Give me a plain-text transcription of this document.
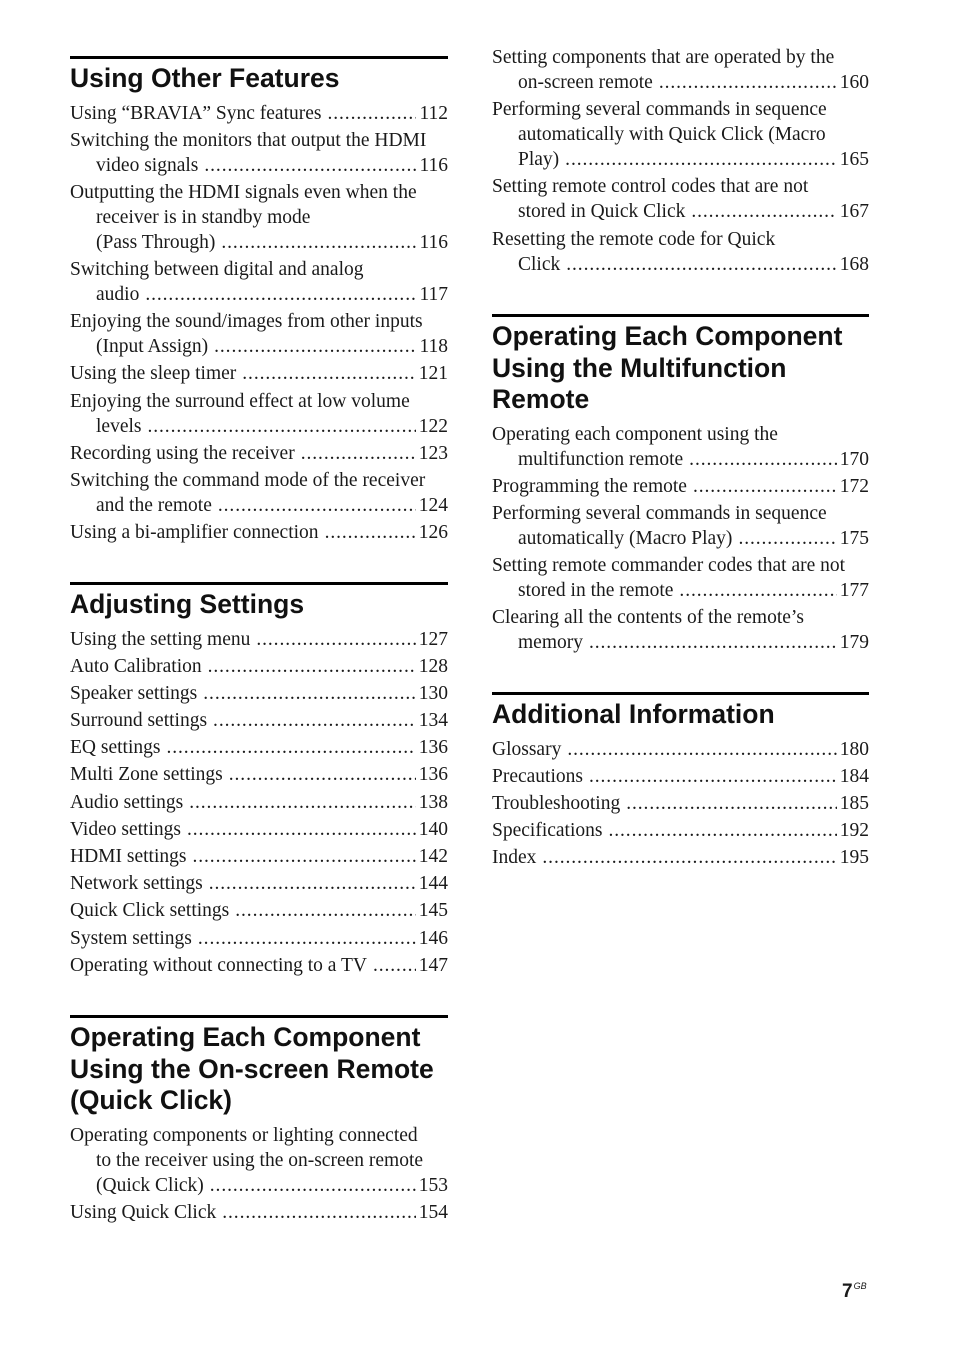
Using Other Features
Using “BRAVIA” Sync features .....	112
Switching the monitors that output the HDMI
video signals .....	116
Outputting the HDMI signals even when the
receiver is in standby mode
(Pass Through) .....	116
Switching between digital and analog
audio .....	117
Enjoying the sound/images from other inputs
(Input Assign) .....	118
Using the sleep timer .....	121
Enjoying the surround effect at low volume
levels .....	122
Recording using the receiver .....	123
Switching the command mode of the receiver
and the remote .....	124
Using a bi-amplifier connection .....	126
Adjusting Settings
Using the setting menu .....	127
Auto Calibration .....	128
Speaker settings .....	130
Surround settings .....	134
EQ settings .....	136
Multi Zone settings .....	136
Audio settings .....	138
Video settings .....	140
HDMI settings .....	142
Network settings .....	144
Quick Click settings .....	145
System settings .....	146
Operating without connecting to a TV .....	147
Operating Each Component
Using the On-screen Remote
(Quick Click)
Operating components or lighting connected
to the receiver using the on-screen remote
(Quick Click) .....	153
Using Quick Click .....	154
Setting components that are operated by the
on-screen remote .....	160
Performing several commands in sequence
automatically with Quick Click (Macro
Play) .....	165
Setting remote control codes that are not
stored in Quick Click .....	167
Resetting the remote code for Quick
Click .....	168
Operating Each Component
Using the Multifunction
Remote
Operating each component using the
multifunction remote .....	170
Programming the remote .....	172
Performing several commands in sequence
automatically (Macro Play) .....	175
Setting remote commander codes that are not
stored in the remote .....	177
Clearing all the contents of the remote’s
memory .....	179
Additional Information
Glossary .....	180
Precautions .....	184
Troubleshooting .....	185
Specifications .....	192
Index .....	195
$7^{GB}$
